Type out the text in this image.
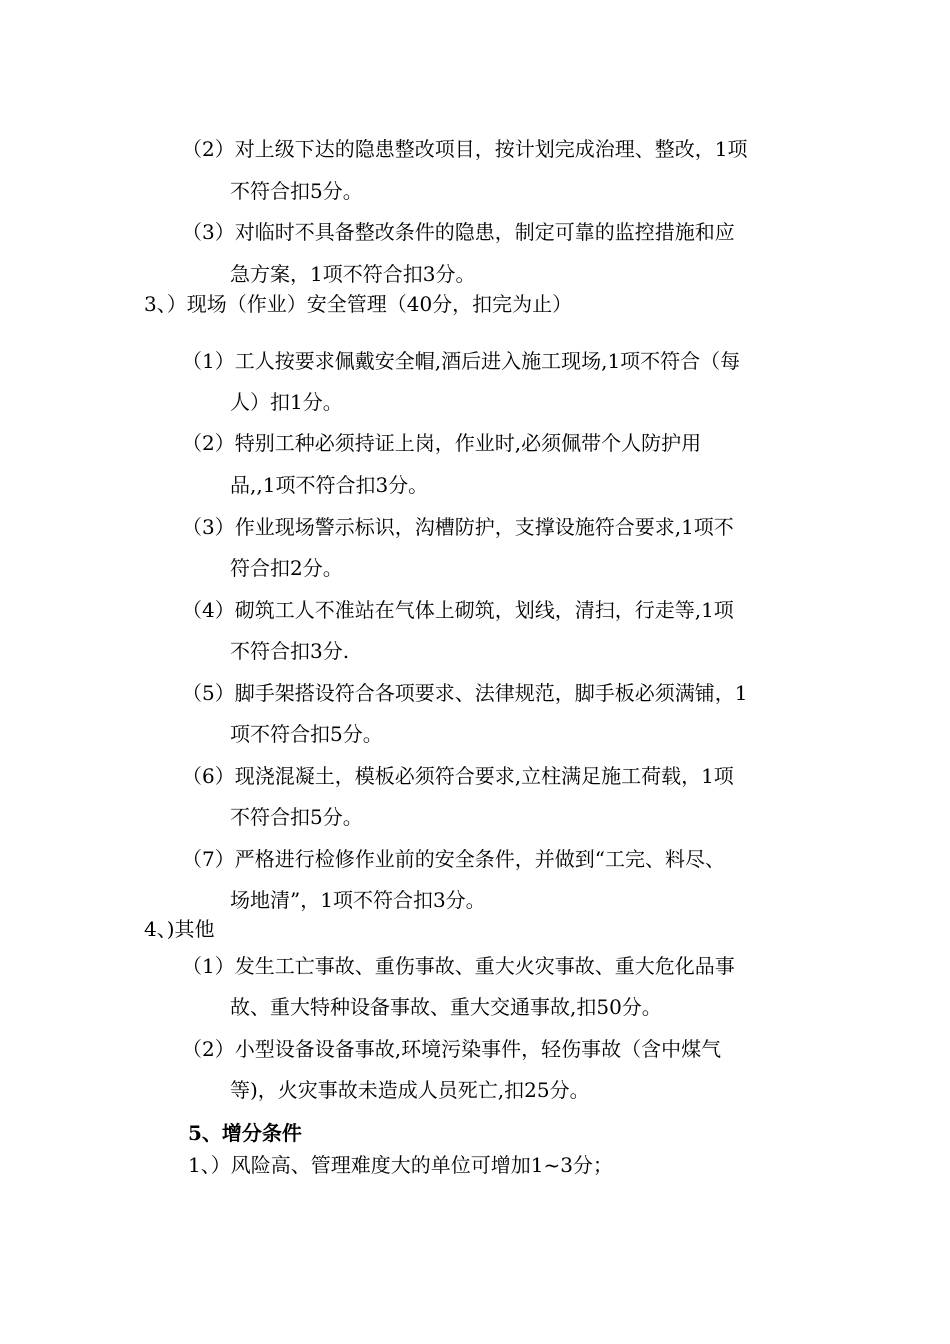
（2）对上级下达的隐患整改项目，按计划完成治理、整改，1项
不符合扣5分。
（3）对临时不具备整改条件的隐患，制定可靠的监控措施和应
急方案，1项不符合扣3分。
3、）现场（作业）安全管理（40分，扣完为止）
（1）工人按要求佩戴安全帽,酒后进入施工现场,1项不符合（每
人）扣1分。
（2）特别工种必须持证上岗，作业时,必须佩带个人防护用
品,,1项不符合扣3分。
（3）作业现场警示标识，沟槽防护，支撑设施符合要求,1项不
符合扣2分。
（4）砌筑工人不准站在气体上砌筑，划线，清扫，行走等,1项
不符合扣3分.
（5）脚手架搭设符合各项要求、法律规范，脚手板必须满铺，1
项不符合扣5分。
（6）现浇混凝土，模板必须符合要求,立柱满足施工荷载，1项
不符合扣5分。
（7）严格进行检修作业前的安全条件，并做到“工完、料尽、
场地清”，1项不符合扣3分。
4、)其他
（1）发生工亡事故、重伤事故、重大火灾事故、重大危化品事
故、重大特种设备事故、重大交通事故,扣50分。
（2）小型设备设备事故,环境污染事件，轻伤事故（含中煤气
等)，火灾事故未造成人员死亡,扣25分。
5、增分条件
1、）风险高、管理难度大的单位可增加1~3分；
